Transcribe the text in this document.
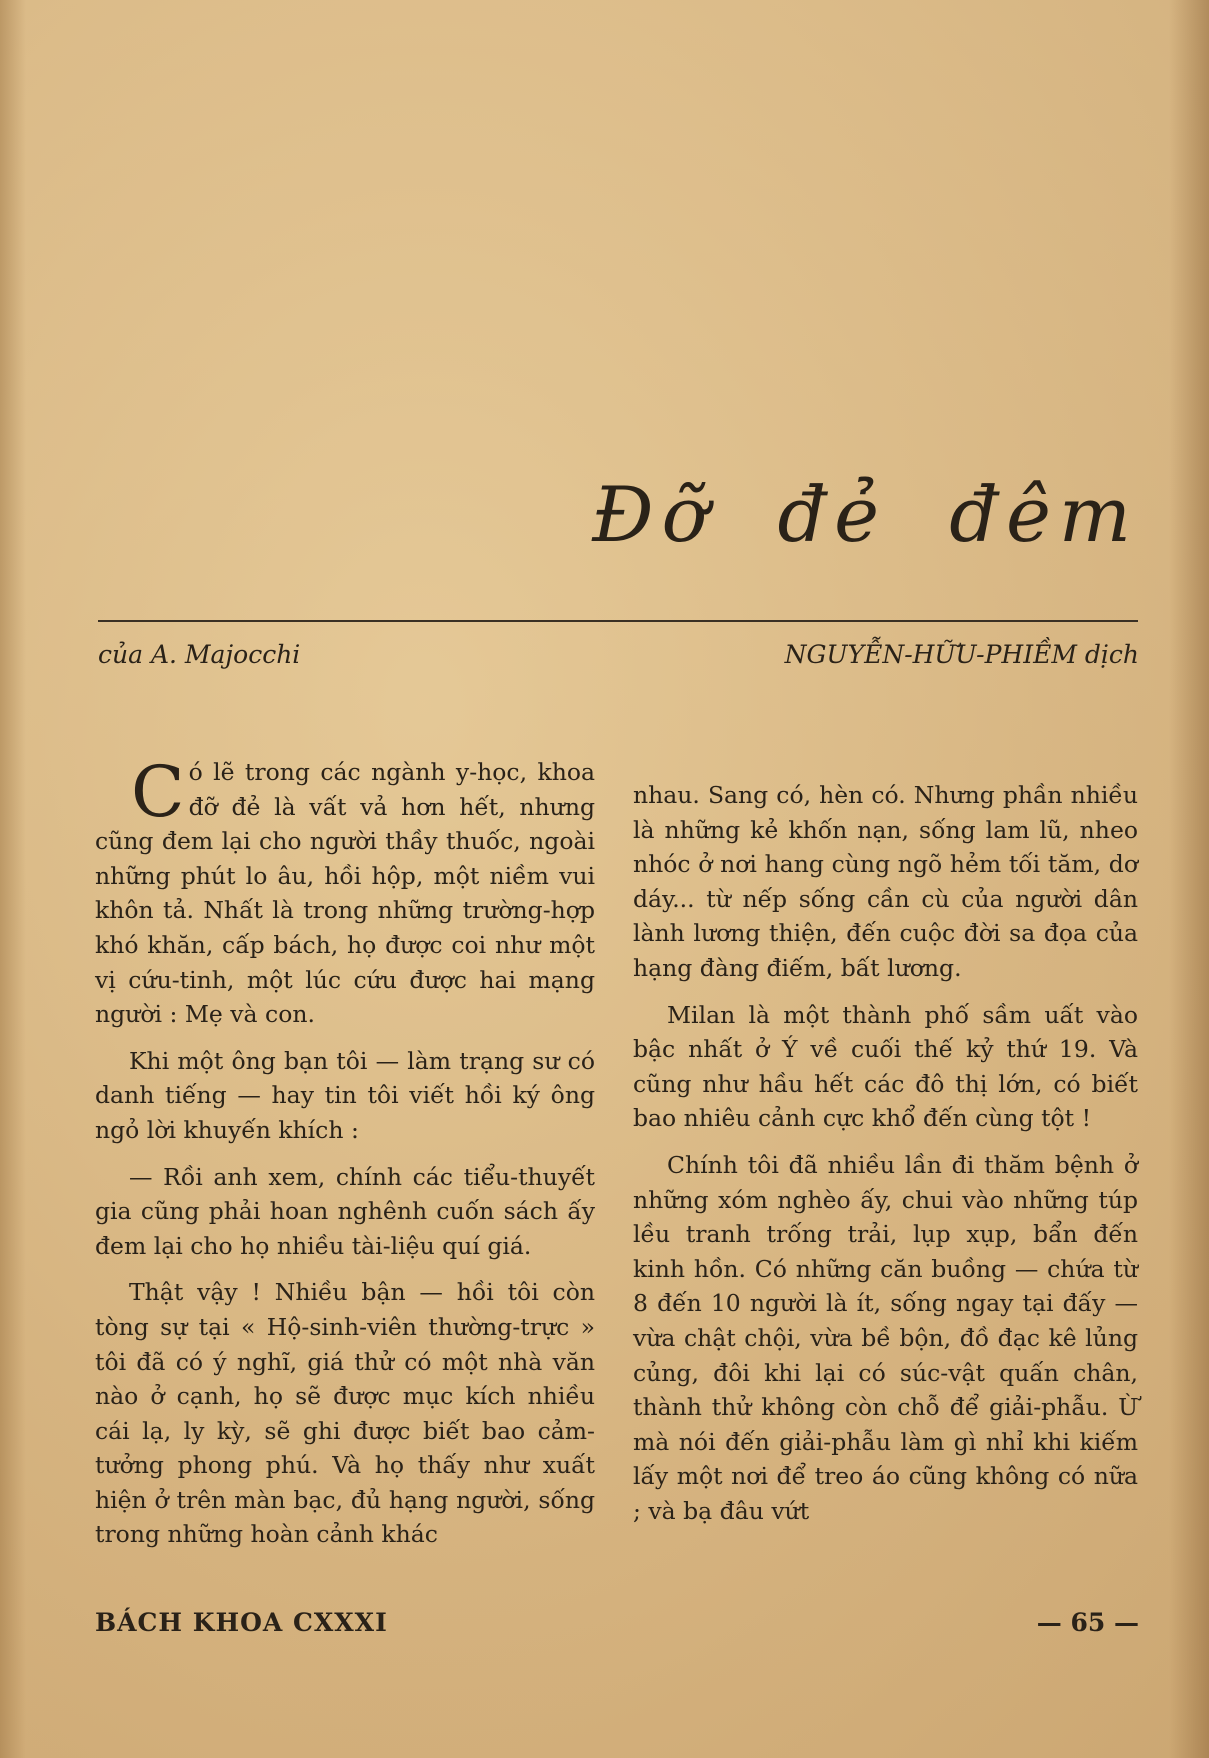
Đỡ đẻ đêm
của A. Majocchi	NGUYỄN-HỮU-PHIỀM dịch

Có lẽ trong các ngành y-học, khoa đỡ đẻ là vất vả hơn hết, nhưng cũng đem lại cho người thầy thuốc, ngoài những phút lo âu, hồi hộp, một niềm vui khôn tả. Nhất là trong những trường-hợp khó khăn, cấp bách, họ được coi như một vị cứu-tinh, một lúc cứu được hai mạng người : Mẹ và con.

Khi một ông bạn tôi — làm trạng sư có danh tiếng — hay tin tôi viết hồi ký ông ngỏ lời khuyến khích :

— Rồi anh xem, chính các tiểu-thuyết gia cũng phải hoan nghênh cuốn sách ấy đem lại cho họ nhiều tài-liệu quí giá.

Thật vậy ! Nhiều bận — hồi tôi còn tòng sự tại « Hộ-sinh-viên thường-trực » tôi đã có ý nghĩ, giá thử có một nhà văn nào ở cạnh, họ sẽ được mục kích nhiều cái lạ, ly kỳ, sẽ ghi được biết bao cảm-tưởng phong phú. Và họ thấy như xuất hiện ở trên màn bạc, đủ hạng người, sống trong những hoàn cảnh khác

nhau. Sang có, hèn có. Nhưng phần nhiều là những kẻ khốn nạn, sống lam lũ, nheo nhóc ở nơi hang cùng ngõ hẻm tối tăm, dơ dáy... từ nếp sống cần cù của người dân lành lương thiện, đến cuộc đời sa đọa của hạng đàng điếm, bất lương.

Milan là một thành phố sầm uất vào bậc nhất ở Ý về cuối thế kỷ thứ 19. Và cũng như hầu hết các đô thị lớn, có biết bao nhiêu cảnh cực khổ đến cùng tột !

Chính tôi đã nhiều lần đi thăm bệnh ở những xóm nghèo ấy, chui vào những túp lều tranh trống trải, lụp xụp, bẩn đến kinh hồn. Có những căn buồng — chứa từ 8 đến 10 người là ít, sống ngay tại đấy — vừa chật chội, vừa bề bộn, đồ đạc kê lủng củng, đôi khi lại có súc-vật quấn chân, thành thử không còn chỗ để giải-phẫu. Ừ mà nói đến giải-phẫu làm gì nhỉ khi kiếm lấy một nơi để treo áo cũng không có nữa ; và bạ đâu vứt

BÁCH KHOA CXXXI	— 65 —
